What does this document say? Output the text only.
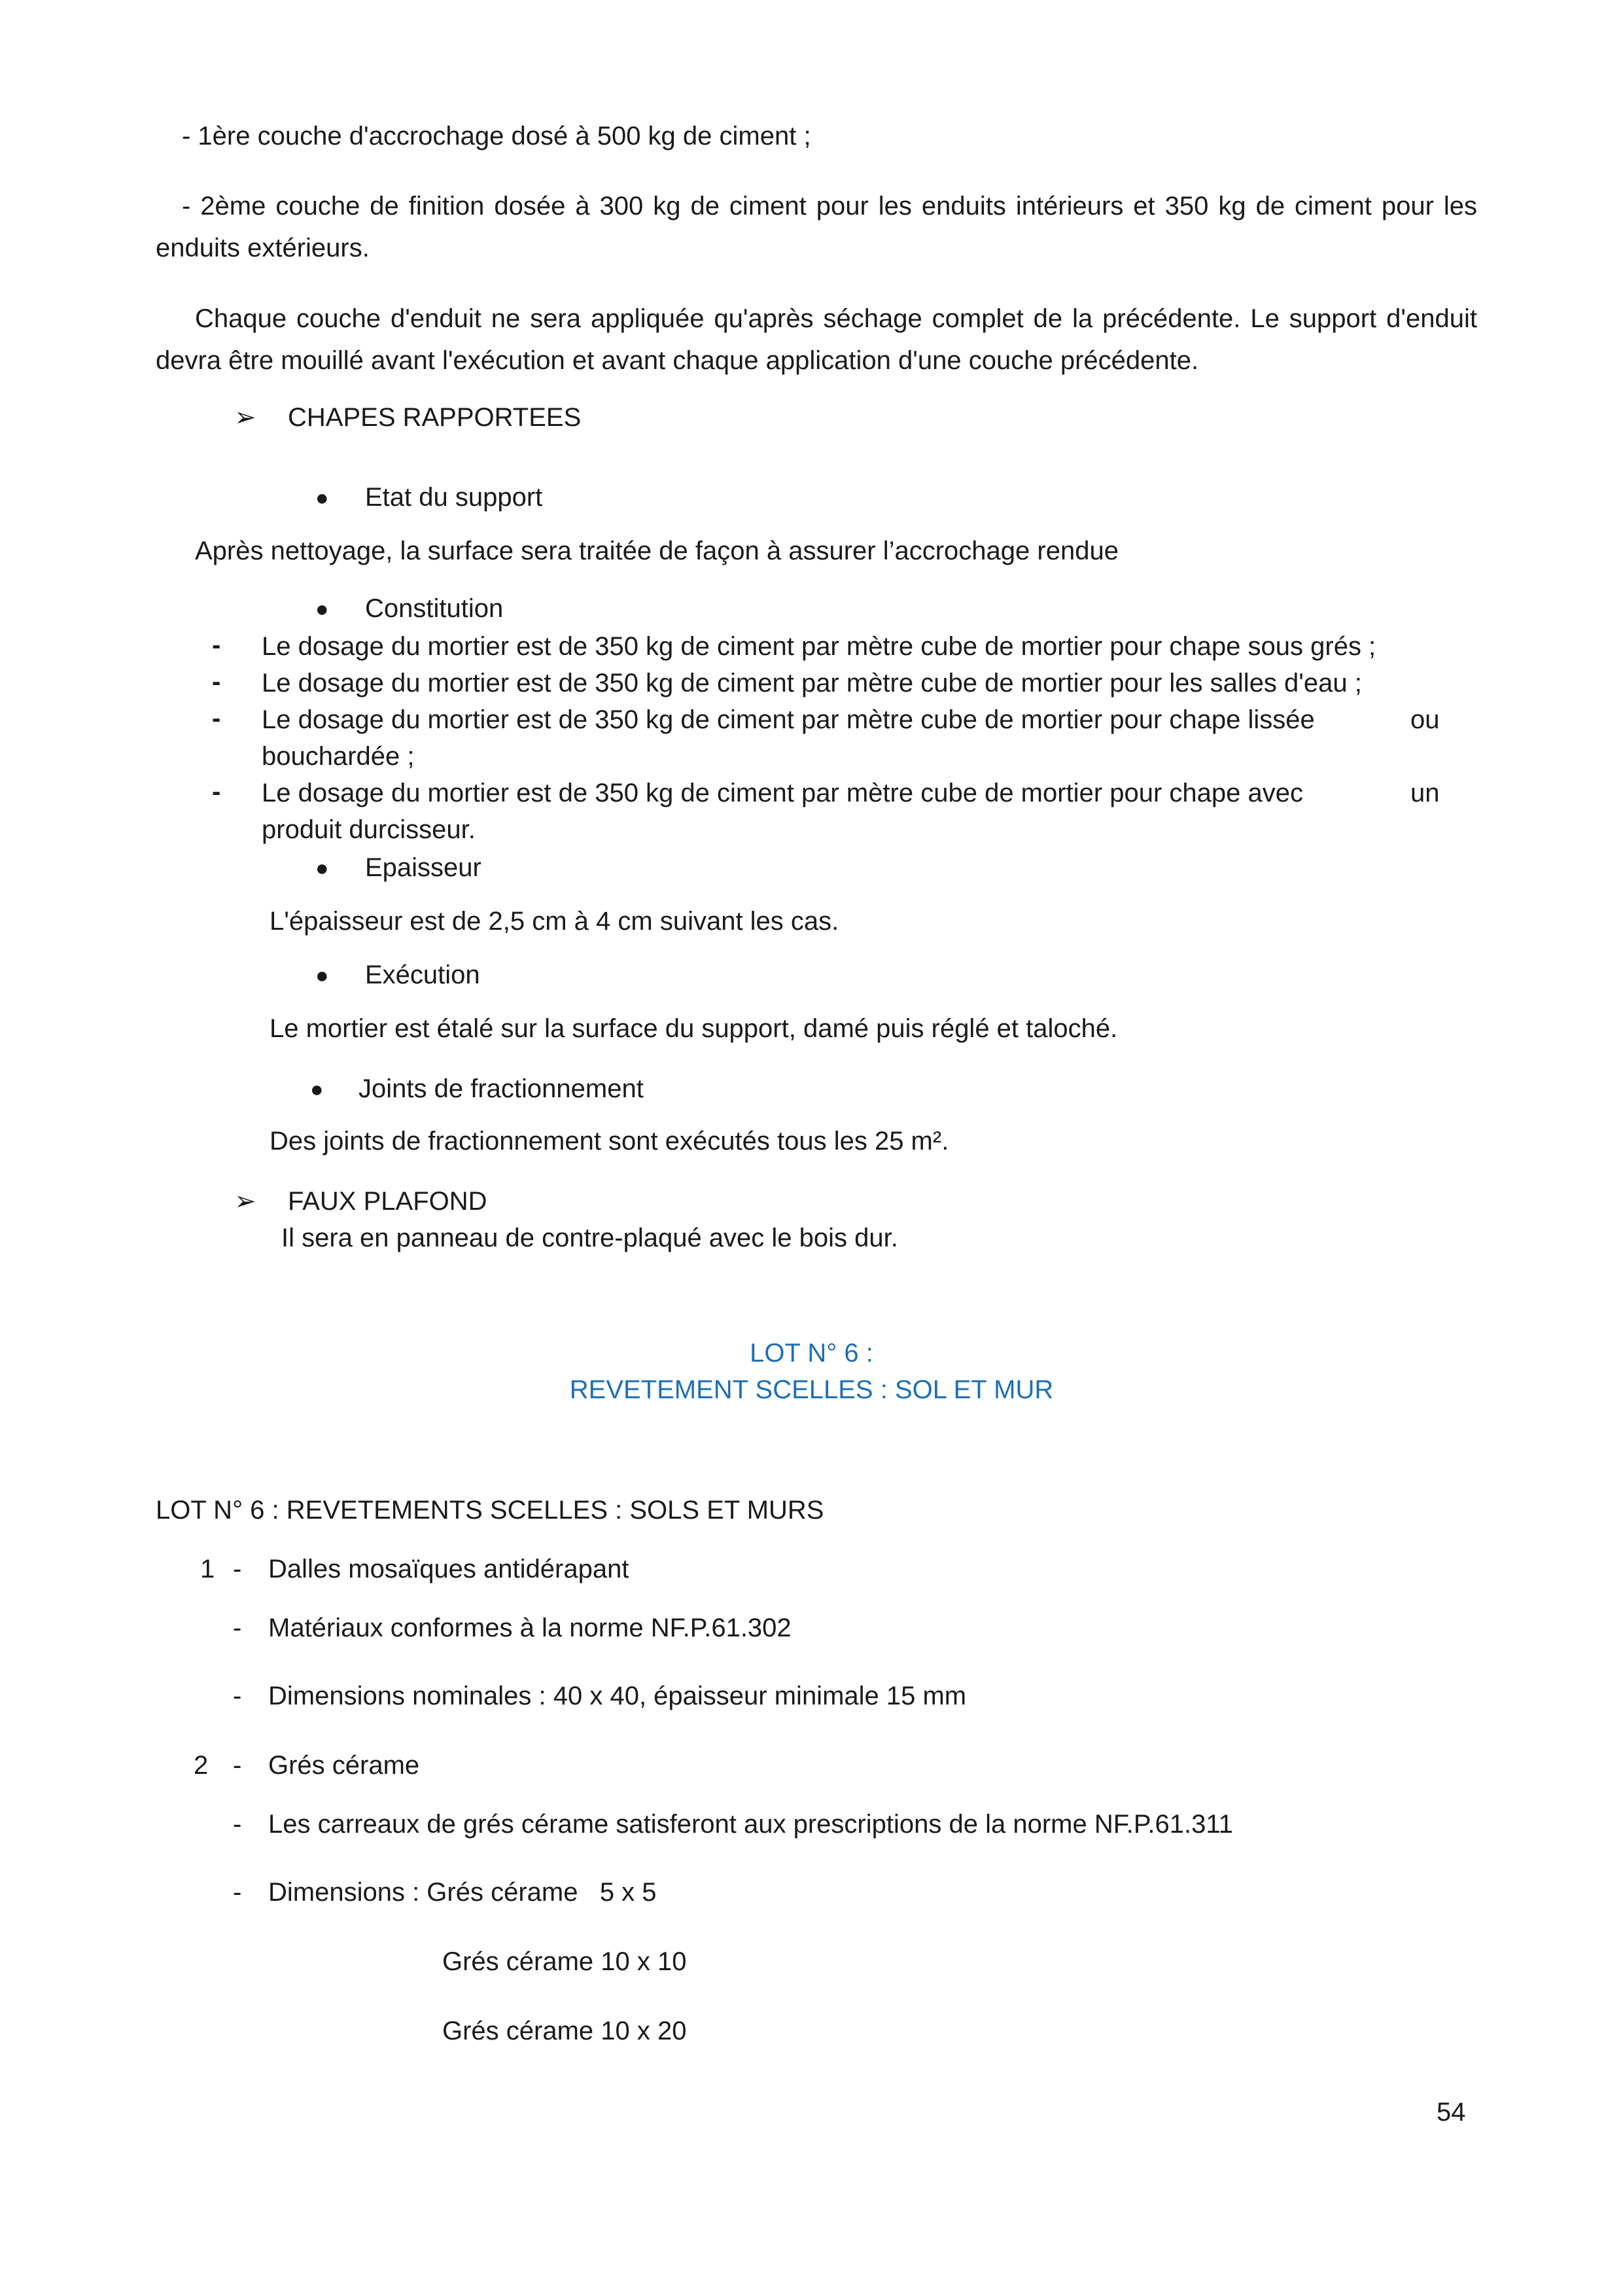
- 1ère couche d'accrochage dosé à 500 kg de ciment ;
- 2ème couche de finition dosée à 300 kg de ciment pour les enduits intérieurs et 350 kg de ciment pour les enduits extérieurs.
Chaque couche d'enduit ne sera appliquée qu'après séchage complet de la précédente. Le support d'enduit devra être mouillé avant l'exécution et avant chaque application d'une couche précédente.
➢ CHAPES RAPPORTEES
● Etat du support
Après nettoyage, la surface sera traitée de façon à assurer l’accrochage rendue
● Constitution
- Le dosage du mortier est de 350 kg de ciment par mètre cube de mortier pour chape sous grés ;
- Le dosage du mortier est de 350 kg de ciment par mètre cube de mortier pour les salles d'eau ;
- Le dosage du mortier est de 350 kg de ciment par mètre cube de mortier pour chape lissée	ou
bouchardée ;
- Le dosage du mortier est de 350 kg de ciment par mètre cube de mortier pour chape avec	un
produit durcisseur.
● Epaisseur
L'épaisseur est de 2,5 cm à 4 cm suivant les cas.
● Exécution
Le mortier est étalé sur la surface du support, damé puis réglé et taloché.
● Joints de fractionnement
Des joints de fractionnement sont exécutés tous les 25 m².
➢ FAUX PLAFOND
Il sera en panneau de contre-plaqué avec le bois dur.
LOT N° 6 :
REVETEMENT SCELLES : SOL ET MUR
LOT N° 6 : REVETEMENTS SCELLES : SOLS ET MURS
1 - Dalles mosaïques antidérapant
- Matériaux conformes à la norme NF.P.61.302
- Dimensions nominales : 40 x 40, épaisseur minimale 15 mm
2 - Grés cérame
- Les carreaux de grés cérame satisferont aux prescriptions de la norme NF.P.61.311
- Dimensions : Grés cérame   5 x 5
Grés cérame 10 x 10
Grés cérame 10 x 20
54
